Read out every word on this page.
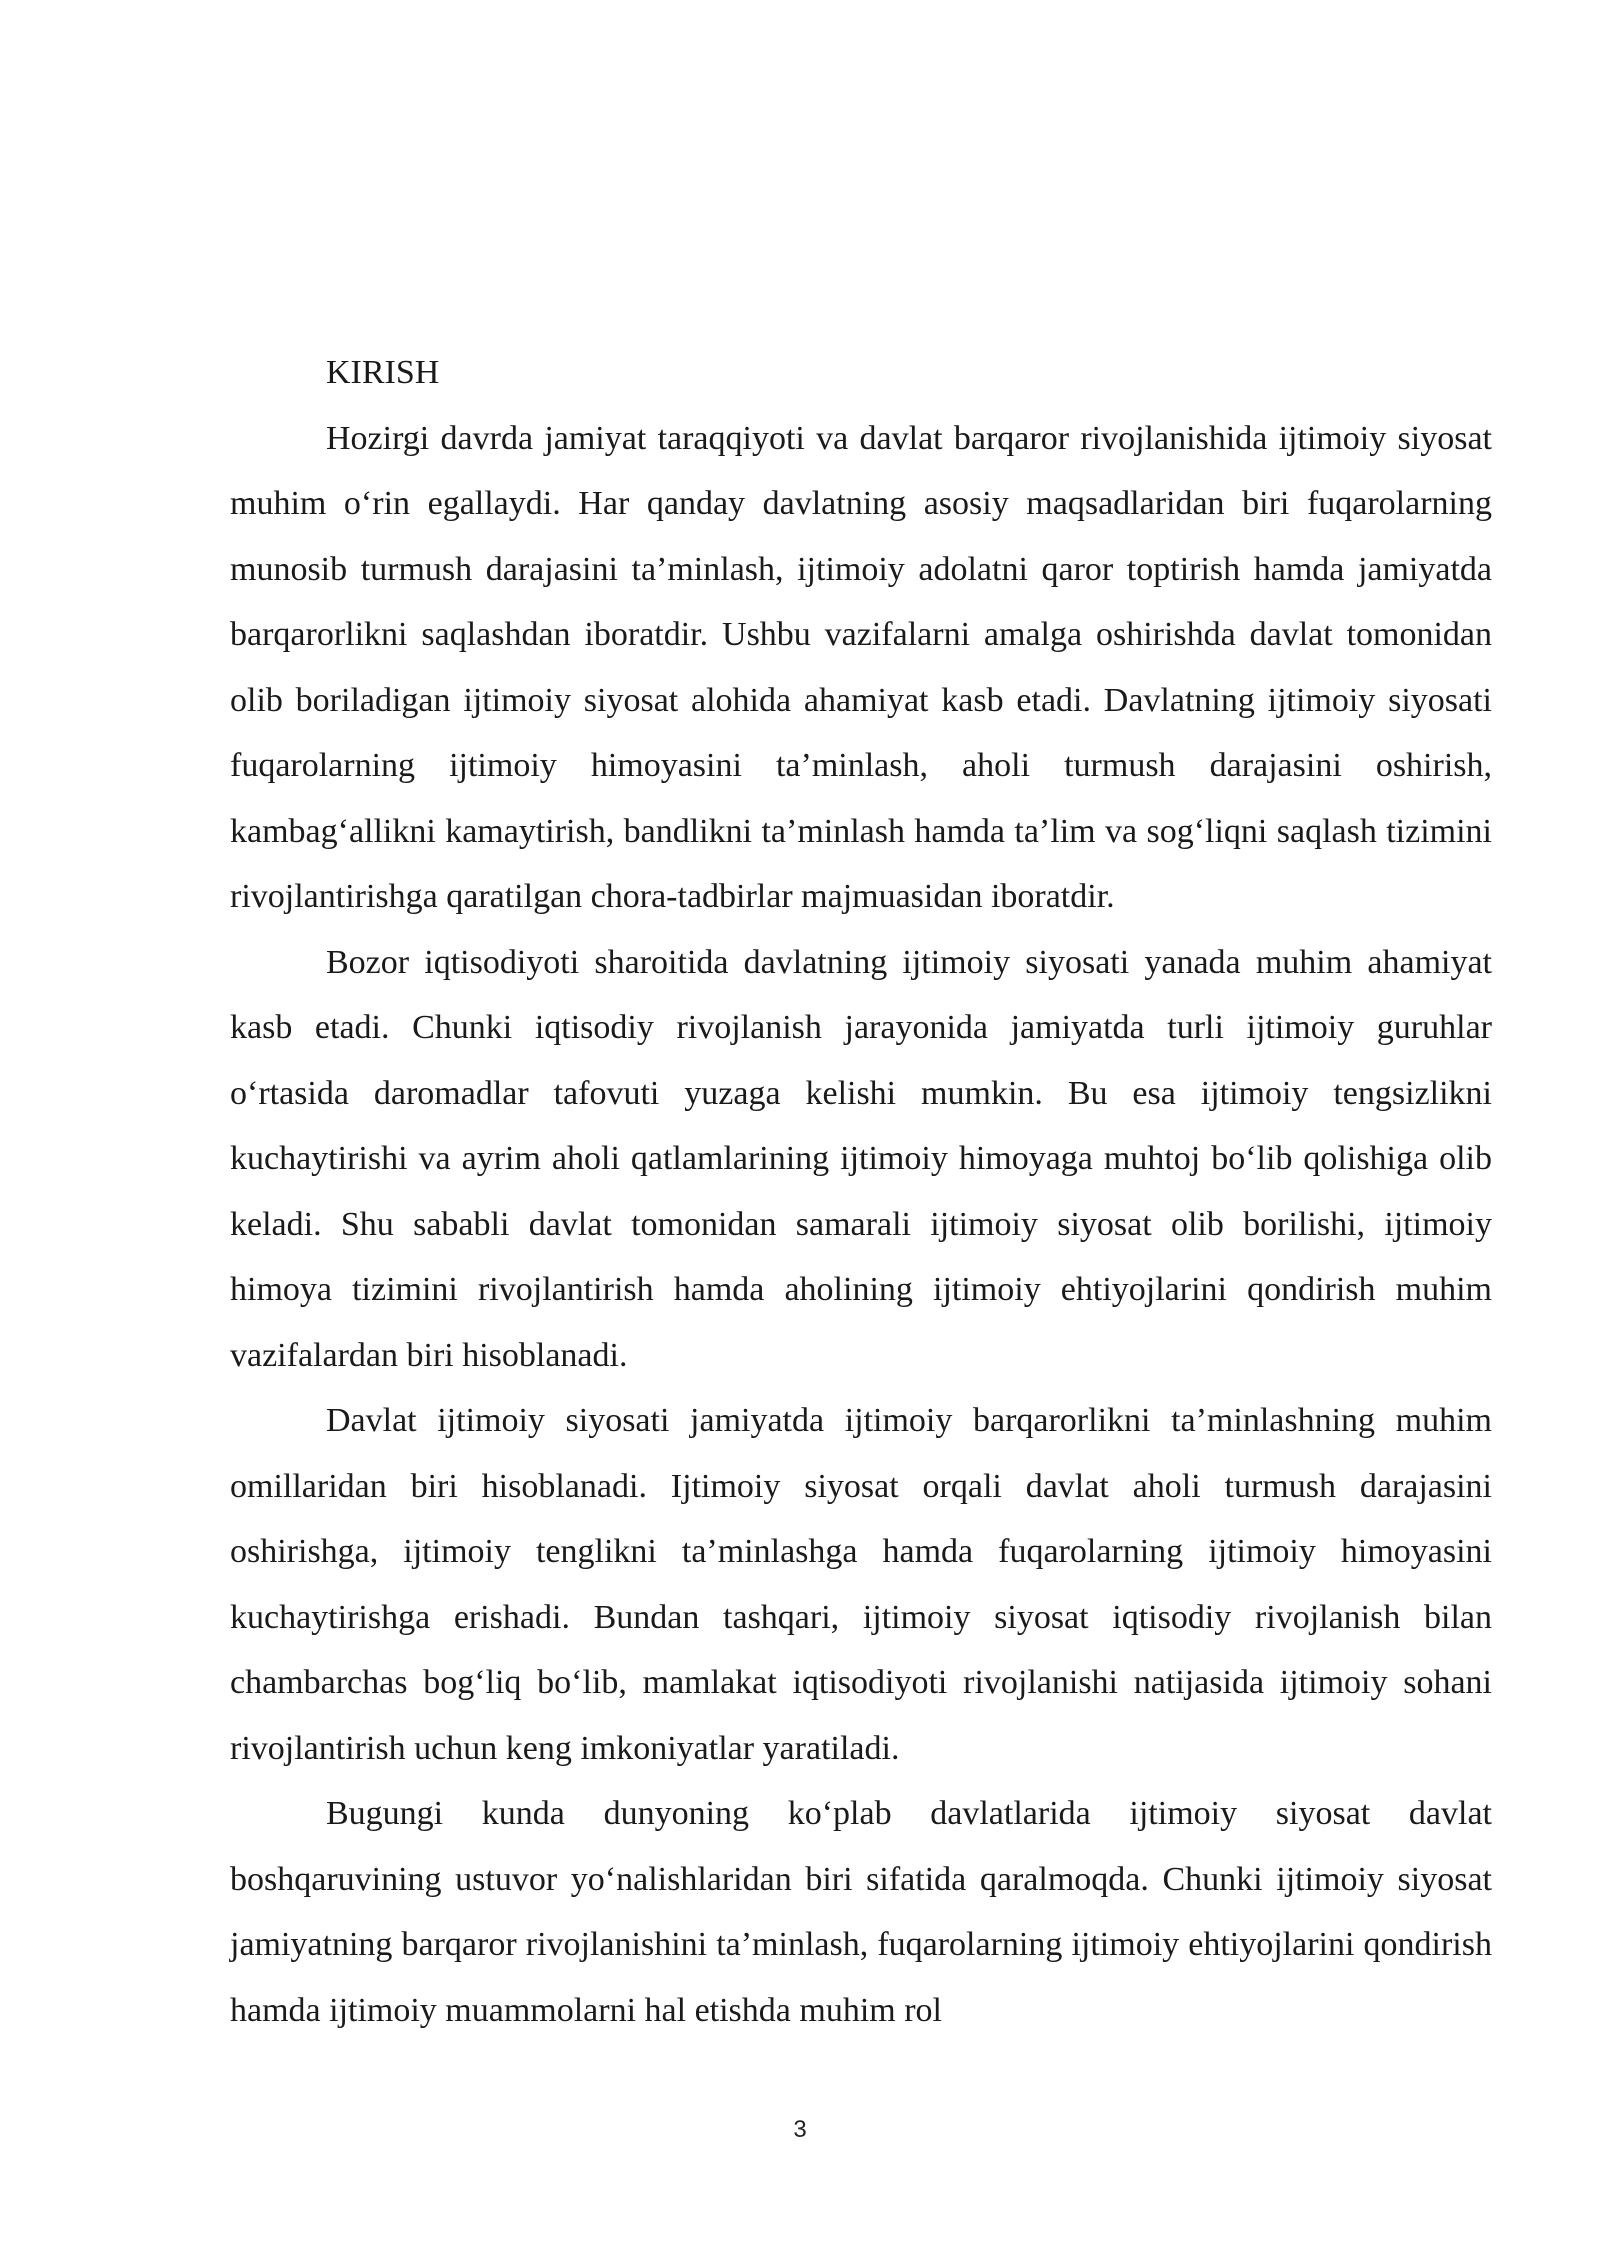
KIRISH

Hozirgi davrda jamiyat taraqqiyoti va davlat barqaror rivojlanishida ijtimoiy siyosat muhim o‘rin egallaydi. Har qanday davlatning asosiy maqsadlaridan biri fuqarolarning munosib turmush darajasini ta’minlash, ijtimoiy adolatni qaror toptirish hamda jamiyatda barqarorlikni saqlashdan iboratdir. Ushbu vazifalarni amalga oshirishda davlat tomonidan olib boriladigan ijtimoiy siyosat alohida ahamiyat kasb etadi. Davlatning ijtimoiy siyosati fuqarolarning ijtimoiy himoyasini ta’minlash, aholi turmush darajasini oshirish, kambag‘allikni kamaytirish, bandlikni ta’minlash hamda ta’lim va sog‘liqni saqlash tizimini rivojlantirishga qaratilgan chora-tadbirlar majmuasidan iboratdir.

Bozor iqtisodiyoti sharoitida davlatning ijtimoiy siyosati yanada muhim ahamiyat kasb etadi. Chunki iqtisodiy rivojlanish jarayonida jamiyatda turli ijtimoiy guruhlar o‘rtasida daromadlar tafovuti yuzaga kelishi mumkin. Bu esa ijtimoiy tengsizlikni kuchaytirishi va ayrim aholi qatlamlarining ijtimoiy himoyaga muhtoj bo‘lib qolishiga olib keladi. Shu sababli davlat tomonidan samarali ijtimoiy siyosat olib borilishi, ijtimoiy himoya tizimini rivojlantirish hamda aholining ijtimoiy ehtiyojlarini qondirish muhim vazifalardan biri hisoblanadi.

Davlat ijtimoiy siyosati jamiyatda ijtimoiy barqarorlikni ta’minlashning muhim omillaridan biri hisoblanadi. Ijtimoiy siyosat orqali davlat aholi turmush darajasini oshirishga, ijtimoiy tenglikni ta’minlashga hamda fuqarolarning ijtimoiy himoyasini kuchaytirishga erishadi. Bundan tashqari, ijtimoiy siyosat iqtisodiy rivojlanish bilan chambarchas bog‘liq bo‘lib, mamlakat iqtisodiyoti rivojlanishi natijasida ijtimoiy sohani rivojlantirish uchun keng imkoniyatlar yaratiladi.

Bugungi kunda dunyoning ko‘plab davlatlarida ijtimoiy siyosat davlat boshqaruvining ustuvor yo‘nalishlaridan biri sifatida qaralmoqda. Chunki ijtimoiy siyosat jamiyatning barqaror rivojlanishini ta’minlash, fuqarolarning ijtimoiy ehtiyojlarini qondirish hamda ijtimoiy muammolarni hal etishda muhim rol

3
